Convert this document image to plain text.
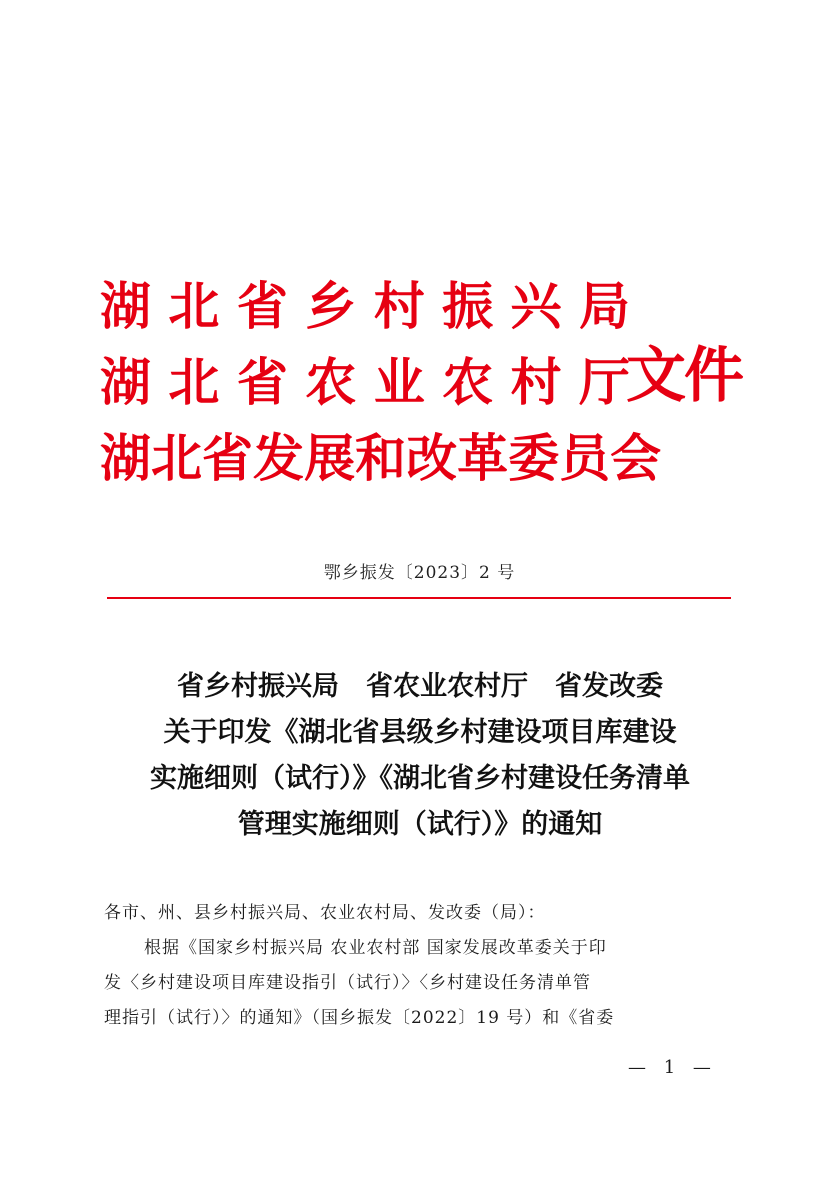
湖 北 省 乡 村 振 兴 局
湖 北 省 农 业 农 村 厅
湖 北 省 发 展 和 改 革 委 员 会
文件
鄂乡振发〔2023〕2 号
省乡村振兴局　省农业农村厅　省发改委
关于印发《湖北省县级乡村建设项目库建设
实施细则（试行）》《湖北省乡村建设任务清单
管理实施细则（试行）》的通知
各市、州、县乡村振兴局、农业农村局、发改委（局）：
根据《国家乡村振兴局 农业农村部 国家发展改革委关于印
发〈乡村建设项目库建设指引（试行）〉〈乡村建设任务清单管
理指引（试行）〉的通知》（国乡振发〔2022〕19 号）和《省委
— 1 —
